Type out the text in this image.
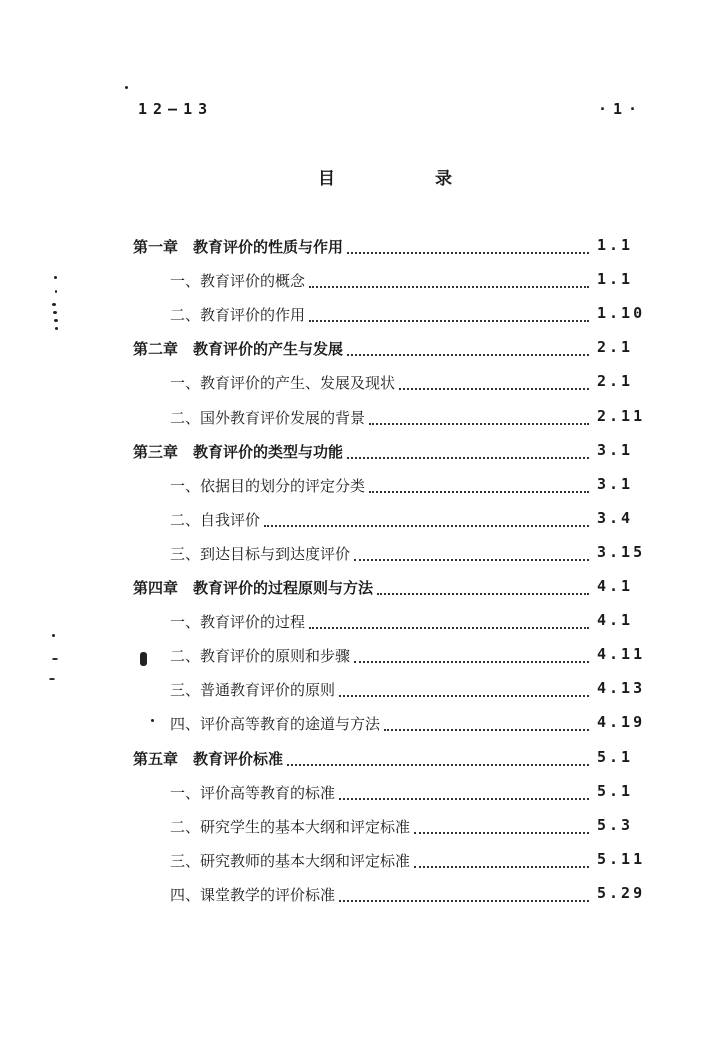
12—13	·1·
目录
第一章　教育评价的性质与作用	1.1
一、教育评价的概念	1.1
二、教育评价的作用	1.10
第二章　教育评价的产生与发展	2.1
一、教育评价的产生、发展及现状	2.1
二、国外教育评价发展的背景	2.11
第三章　教育评价的类型与功能	3.1
一、依据目的划分的评定分类	3.1
二、自我评价	3.4
三、到达目标与到达度评价	3.15
第四章　教育评价的过程原则与方法	4.1
一、教育评价的过程	4.1
二、教育评价的原则和步骤	4.11
三、普通教育评价的原则	4.13
四、评价高等教育的途道与方法	4.19
第五章　教育评价标准	5.1
一、评价高等教育的标准	5.1
二、研究学生的基本大纲和评定标准	5.3
三、研究教师的基本大纲和评定标准	5.11
四、课堂教学的评价标准	5.29
